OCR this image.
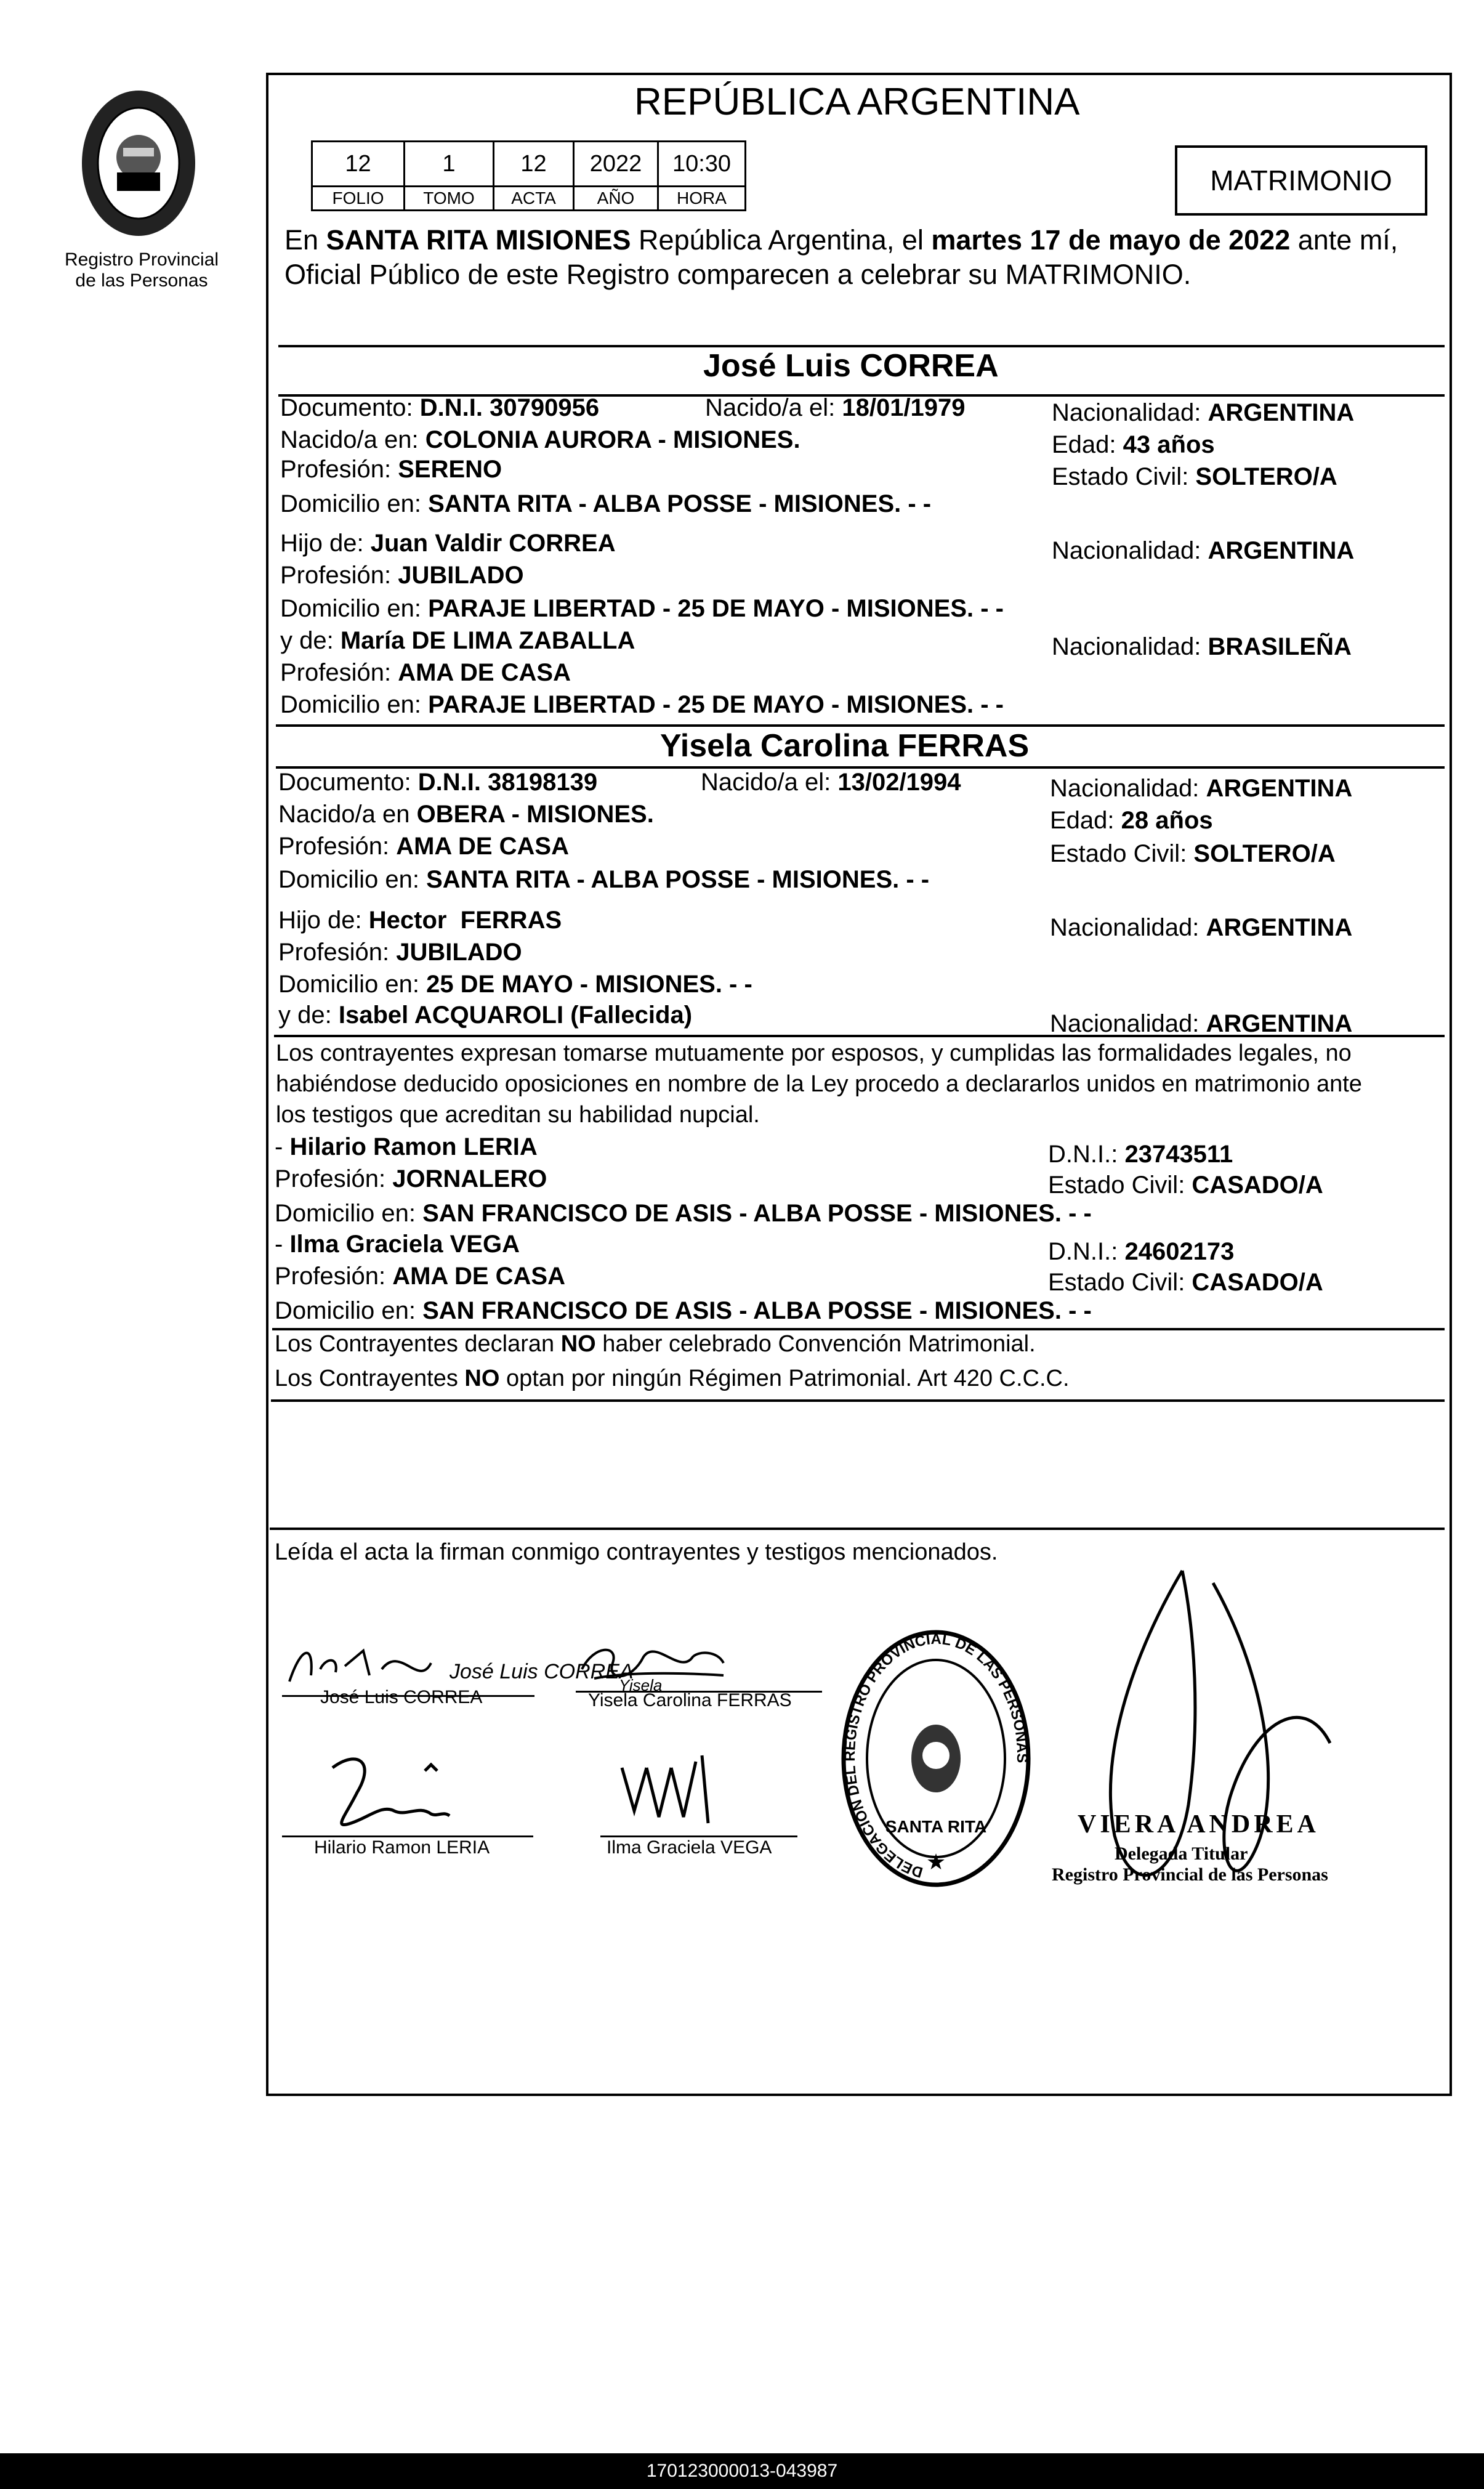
Registro Provincial
de las Personas
REPÚBLICA ARGENTINA
12	1	12	2022	10:30
FOLIO	TOMO	ACTA	AÑO	HORA
MATRIMONIO
En SANTA RITA MISIONES República Argentina, el martes 17 de mayo de 2022 ante mí,
Oficial Público de este Registro comparecen a celebrar su MATRIMONIO.
José Luis CORREA
Documento: D.N.I. 30790956	Nacido/a el: 18/01/1979	Nacionalidad: ARGENTINA
Nacido/a en: COLONIA AURORA - MISIONES.	Edad: 43 años
Profesión: SERENO	Estado Civil: SOLTERO/A
Domicilio en: SANTA RITA - ALBA POSSE - MISIONES. - -
Hijo de: Juan Valdir CORREA	Nacionalidad: ARGENTINA
Profesión: JUBILADO
Domicilio en: PARAJE LIBERTAD - 25 DE MAYO - MISIONES. - -
y de: María DE LIMA ZABALLA	Nacionalidad: BRASILEÑA
Profesión: AMA DE CASA
Domicilio en: PARAJE LIBERTAD - 25 DE MAYO - MISIONES. - -
Yisela Carolina FERRAS
Documento: D.N.I. 38198139	Nacido/a el: 13/02/1994	Nacionalidad: ARGENTINA
Nacido/a en OBERA - MISIONES.	Edad: 28 años
Profesión: AMA DE CASA	Estado Civil: SOLTERO/A
Domicilio en: SANTA RITA - ALBA POSSE - MISIONES. - -
Hijo de: Hector  FERRAS	Nacionalidad: ARGENTINA
Profesión: JUBILADO
Domicilio en: 25 DE MAYO - MISIONES. - -
y de: Isabel ACQUAROLI (Fallecida)	Nacionalidad: ARGENTINA
Los contrayentes expresan tomarse mutuamente por esposos, y cumplidas las formalidades legales, no
habiéndose deducido oposiciones en nombre de la Ley procedo a declararlos unidos en matrimonio ante
los testigos que acreditan su habilidad nupcial.
- Hilario Ramon LERIA	D.N.I.: 23743511
Profesión: JORNALERO	Estado Civil: CASADO/A
Domicilio en: SAN FRANCISCO DE ASIS - ALBA POSSE - MISIONES. - -
- Ilma Graciela VEGA	D.N.I.: 24602173
Profesión: AMA DE CASA	Estado Civil: CASADO/A
Domicilio en: SAN FRANCISCO DE ASIS - ALBA POSSE - MISIONES. - -
Los Contrayentes declaran NO haber celebrado Convención Matrimonial.
Los Contrayentes NO optan por ningún Régimen Patrimonial. Art 420 C.C.C.
Leída el acta la firman conmigo contrayentes y testigos mencionados.
José Luis CORREA
José Luis CORREA
Yisela
Yisela Carolina FERRAS
Hilario Ramon LERIA	Ilma Graciela VEGA
SANTA RITA
★
DELEGACION DEL REGISTRO PROVINCIAL DE LAS PERSONAS
VIERA ANDREA
Delegada Titular
Registro Provincial de las Personas
170123000013-043987
